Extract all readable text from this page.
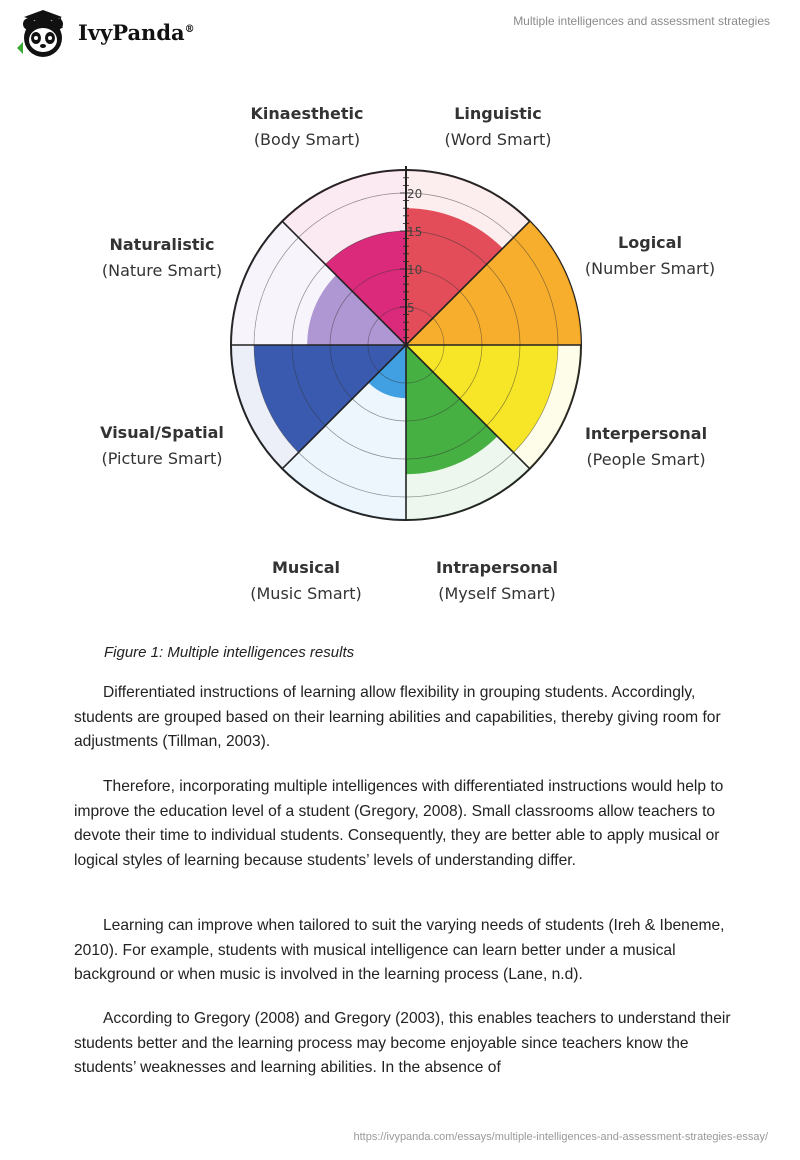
IvyPanda®
Multiple intelligences and assessment strategies
5
10
15
20
Linguistic
(Word Smart)
Logical
(Number Smart)
Interpersonal
(People Smart)
Intrapersonal
(Myself Smart)
Musical
(Music Smart)
Visual/Spatial
(Picture Smart)
Naturalistic
(Nature Smart)
Kinaesthetic
(Body Smart)
Figure 1: Multiple intelligences results

Differentiated instructions of learning allow flexibility in grouping students. Accordingly, students are grouped based on their learning abilities and capabilities, thereby giving room for adjustments (Tillman, 2003).

Therefore, incorporating multiple intelligences with differentiated instructions would help to improve the education level of a student (Gregory, 2008). Small classrooms allow teachers to devote their time to individual students. Consequently, they are better able to apply musical or logical styles of learning because students’ levels of understanding differ.

Learning can improve when tailored to suit the varying needs of students (Ireh & Ibeneme, 2010). For example, students with musical intelligence can learn better under a musical background or when music is involved in the learning process (Lane, n.d).

According to Gregory (2008) and Gregory (2003), this enables teachers to understand their students better and the learning process may become enjoyable since teachers know the students’ weaknesses and learning abilities. In the absence of

https://ivypanda.com/essays/multiple-intelligences-and-assessment-strategies-essay/
